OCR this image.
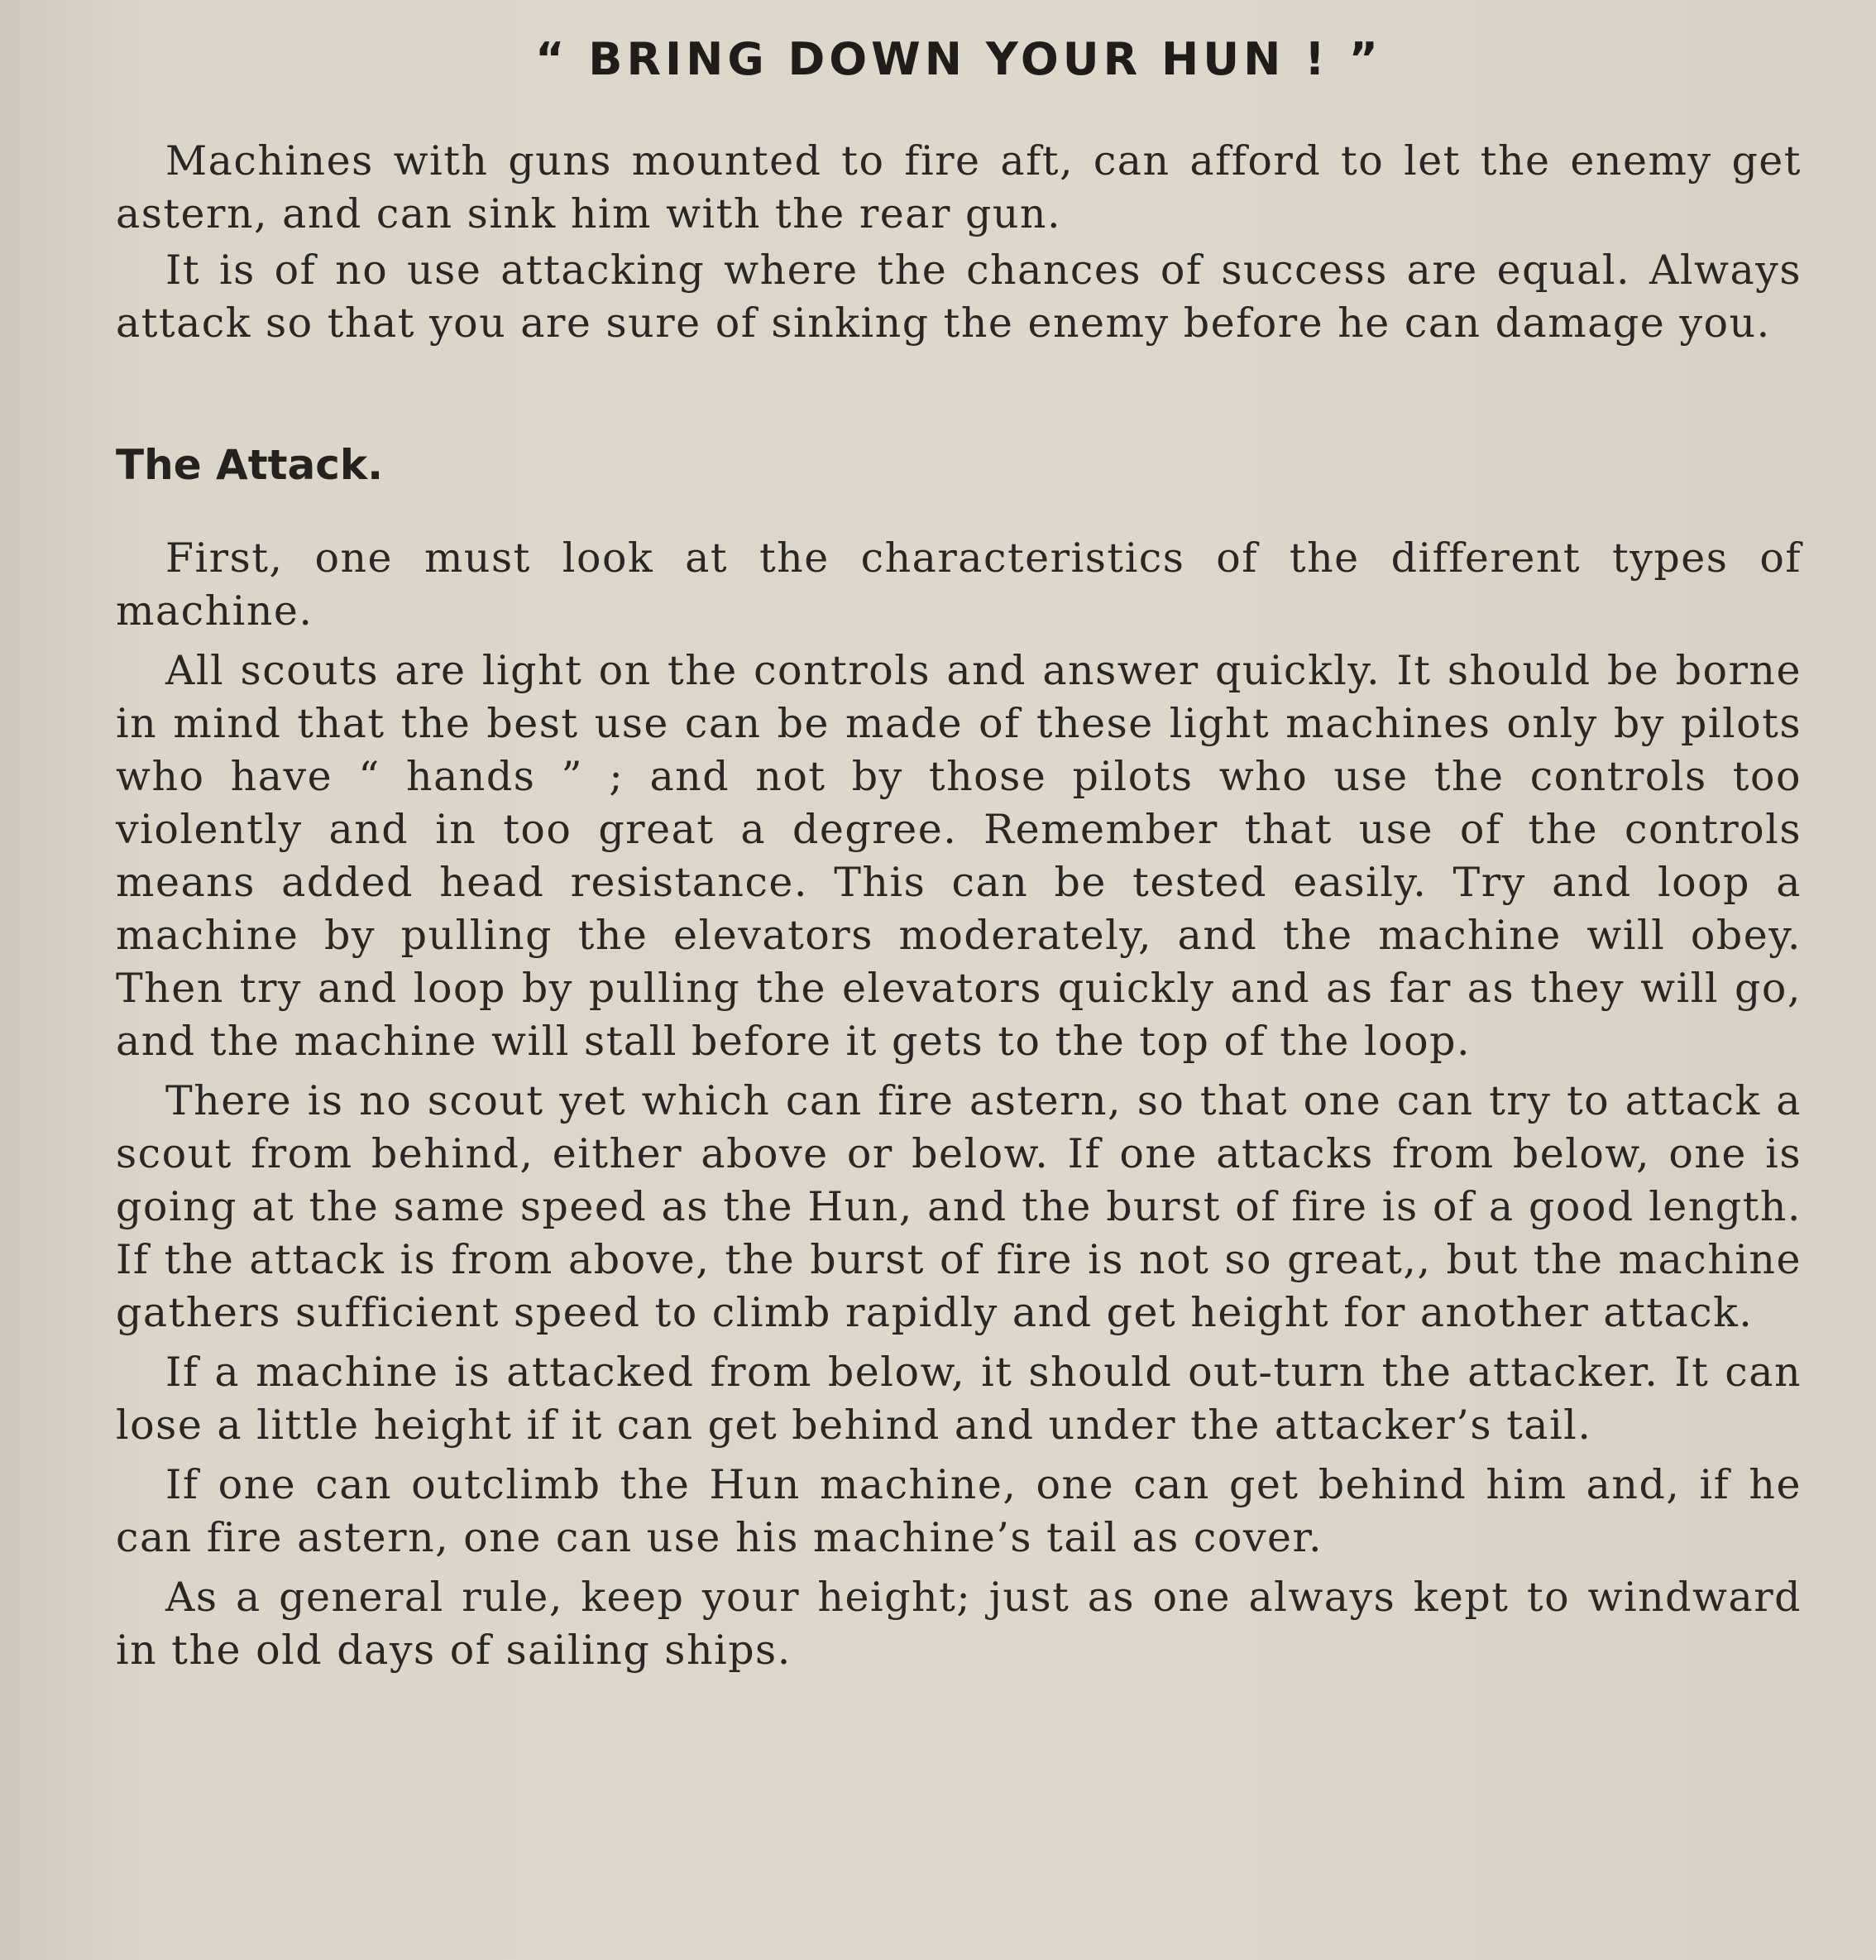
“ BRING DOWN YOUR HUN ! ”

Machines with guns mounted to fire aft, can afford to let the enemy get astern, and can sink him with the rear gun.

It is of no use attacking where the chances of success are equal. Always attack so that you are sure of sinking the enemy before he can damage you.

The Attack.

First, one must look at the characteristics of the different types of machine.

All scouts are light on the controls and answer quickly. It should be borne in mind that the best use can be made of these light machines only by pilots who have “ hands ” ; and not by those pilots who use the controls too violently and in too great a degree. Remember that use of the controls means added head resistance. This can be tested easily. Try and loop a machine by pulling the elevators moderately, and the machine will obey. Then try and loop by pulling the elevators quickly and as far as they will go, and the machine will stall before it gets to the top of the loop.

There is no scout yet which can fire astern, so that one can try to attack a scout from behind, either above or below. If one attacks from below, one is going at the same speed as the Hun, and the burst of fire is of a good length. If the attack is from above, the burst of fire is not so great,, but the machine gathers sufficient speed to climb rapidly and get height for another attack.

If a machine is attacked from below, it should out-turn the attacker. It can lose a little height if it can get behind and under the attacker’s tail.

If one can outclimb the Hun machine, one can get behind him and, if he can fire astern, one can use his machine’s tail as cover.

As a general rule, keep your height; just as one always kept to windward in the old days of sailing ships.
